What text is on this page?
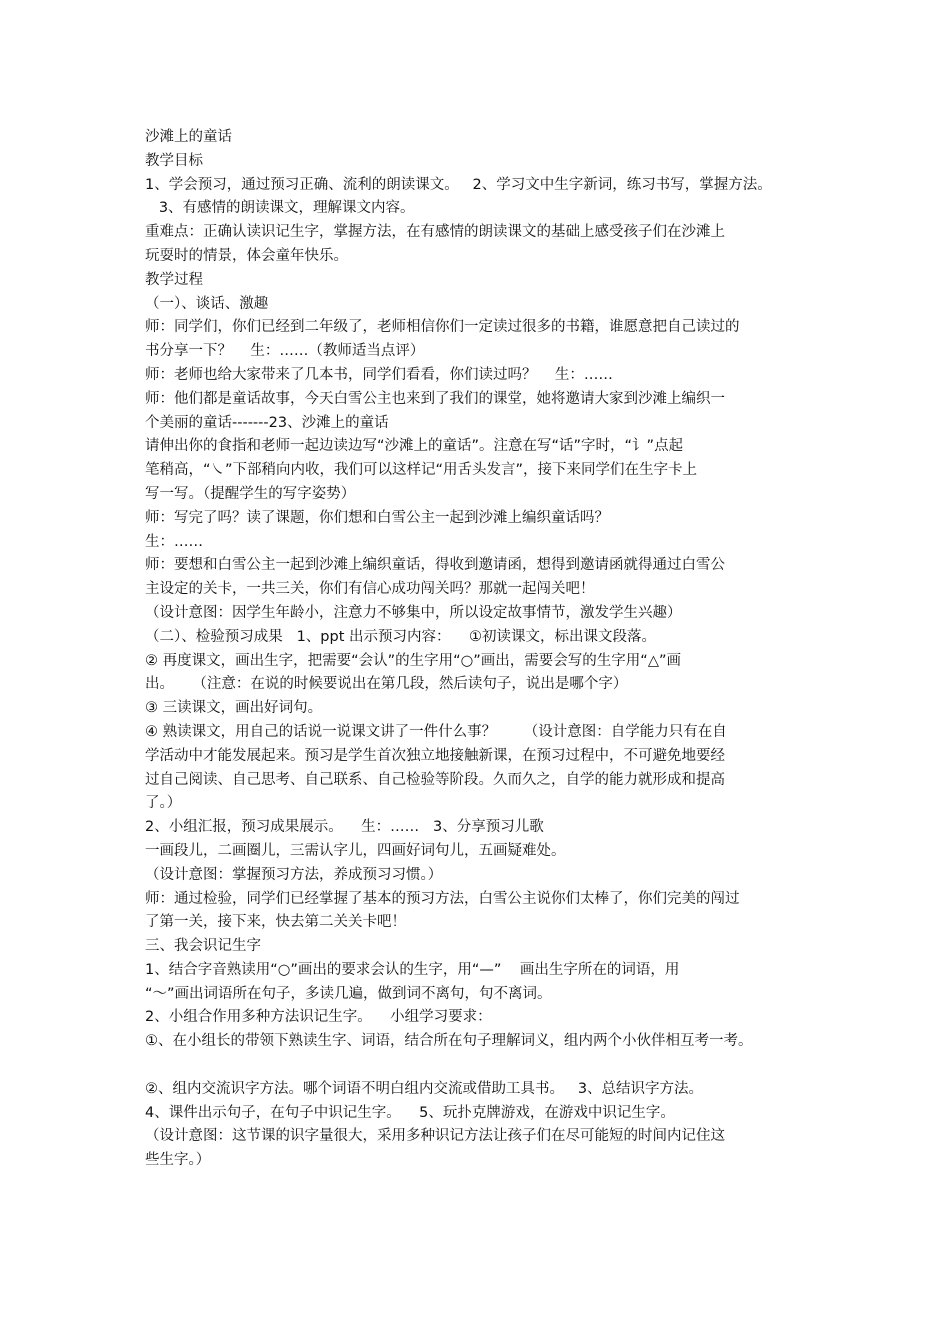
沙滩上的童话
教学目标
1、学会预习，通过预习正确、流利的朗读课文。   2、学习文中生字新词，练习书写，掌握方法。
3、有感情的朗读课文，理解课文内容。
重难点：正确认读识记生字，掌握方法，在有感情的朗读课文的基础上感受孩子们在沙滩上
玩耍时的情景，体会童年快乐。
教学过程
（一）、谈话、激趣
师：同学们，你们已经到二年级了，老师相信你们一定读过很多的书籍，谁愿意把自己读过的
书分享一下？    生：……（教师适当点评）
师：老师也给大家带来了几本书，同学们看看，你们读过吗？    生：……
师：他们都是童话故事，今天白雪公主也来到了我们的课堂，她将邀请大家到沙滩上编织一
个美丽的童话-------23、沙滩上的童话
请伸出你的食指和老师一起边读边写“沙滩上的童话”。注意在写“话”字时，“讠”点起
笔稍高，“㇏”下部稍向内收，我们可以这样记“用舌头发言”，接下来同学们在生字卡上
写一写。（提醒学生的写字姿势）
师：写完了吗？读了课题，你们想和白雪公主一起到沙滩上编织童话吗？
生：……
师：要想和白雪公主一起到沙滩上编织童话，得收到邀请函，想得到邀请函就得通过白雪公
主设定的关卡，一共三关，你们有信心成功闯关吗？那就一起闯关吧！
（设计意图：因学生年龄小，注意力不够集中，所以设定故事情节，激发学生兴趣）
（二）、检验预习成果   1、ppt 出示预习内容：    ①初读课文，标出课文段落。
② 再度课文，画出生字，把需要“会认”的生字用“○”画出，需要会写的生字用“△”画
出。    （注意：在说的时候要说出在第几段，然后读句子，说出是哪个字）
③ 三读课文，画出好词句。
④ 熟读课文，用自己的话说一说课文讲了一件什么事？      （设计意图：自学能力只有在自
学活动中才能发展起来。预习是学生首次独立地接触新课，在预习过程中，不可避免地要经
过自己阅读、自己思考、自己联系、自己检验等阶段。久而久之，自学的能力就形成和提高
了。）
2、小组汇报，预习成果展示。    生：……   3、分享预习儿歌
一画段儿，二画圈儿，三需认字儿，四画好词句儿，五画疑难处。
（设计意图：掌握预习方法，养成预习习惯。）
师：通过检验，同学们已经掌握了基本的预习方法，白雪公主说你们太棒了，你们完美的闯过
了第一关，接下来，快去第二关关卡吧！
三、我会识记生字
1、结合字音熟读用“○”画出的要求会认的生字，用“—”    画出生字所在的词语，用
“～”画出词语所在句子，多读几遍，做到词不离句，句不离词。
2、小组合作用多种方法识记生字。    小组学习要求：
①、在小组长的带领下熟读生字、词语，结合所在句子理解词义，组内两个小伙伴相互考一考。
②、组内交流识字方法。哪个词语不明白组内交流或借助工具书。   3、总结识字方法。
4、课件出示句子，在句子中识记生字。    5、玩扑克牌游戏，在游戏中识记生字。
（设计意图：这节课的识字量很大，采用多种识记方法让孩子们在尽可能短的时间内记住这
些生字。）
